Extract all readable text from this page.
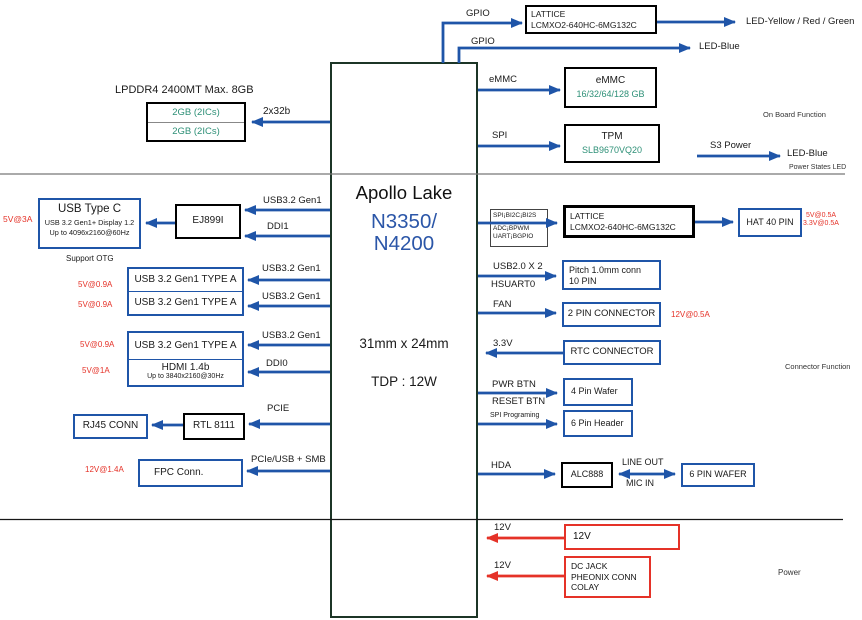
Apollo Lake
N3350/
N4200
31mm x 24mm
TDP : 12W
2GB (2ICs)
2GB (2ICs)
LATTICE
LCMXO2-640HC-6MG132C
eMMC
16/32/64/128 GB
TPM
SLB9670VQ20
USB Type C
USB 3.2 Gen1+ Display 1.2
Up to 4096x2160@60Hz
EJ899I
USB 3.2 Gen1 TYPE A
USB 3.2 Gen1 TYPE A
USB 3.2 Gen1 TYPE A
HDMI 1.4b
Up to 3840x2160@30Hz
RJ45 CONN	RTL 8111
FPC Conn.
SPI¡BI2C¡BI2S
ADC¡BPWM
UART¡BGPIO
LATTICE
LCMXO2-640HC-6MG132C	HAT 40 PIN
Pitch 1.0mm conn
10 PIN
2 PIN CONNECTOR
RTC CONNECTOR
4 Pin Wafer
6 Pin Header
ALC888	6 PIN WAFER
12V
DC JACK
PHEONIX CONN
COLAY
LPDDR4 2400MT Max. 8GB
2x32b
GPIO
GPIO
LED-Yellow / Red / Green
LED-Blue
eMMC
SPI
On Board Function
S3 Power
LED-Blue
Power States LED
5V@3A
Support OTG
USB3.2 Gen1
DDI1
5V@0.9A
5V@0.9A
USB3.2 Gen1
USB3.2 Gen1
5V@0.9A
USB3.2 Gen1
5V@1A
DDI0
PCIE
PCIe/USB + SMB
12V@1.4A
5V@0.5A
3.3V@0.5A
USB2.0 X 2
HSUART0
FAN
12V@0.5A
3.3V
PWR BTN
RESET BTN
SPI Programing
HDA	LINE OUT
MIC IN
Connector Function
12V
12V
Power
